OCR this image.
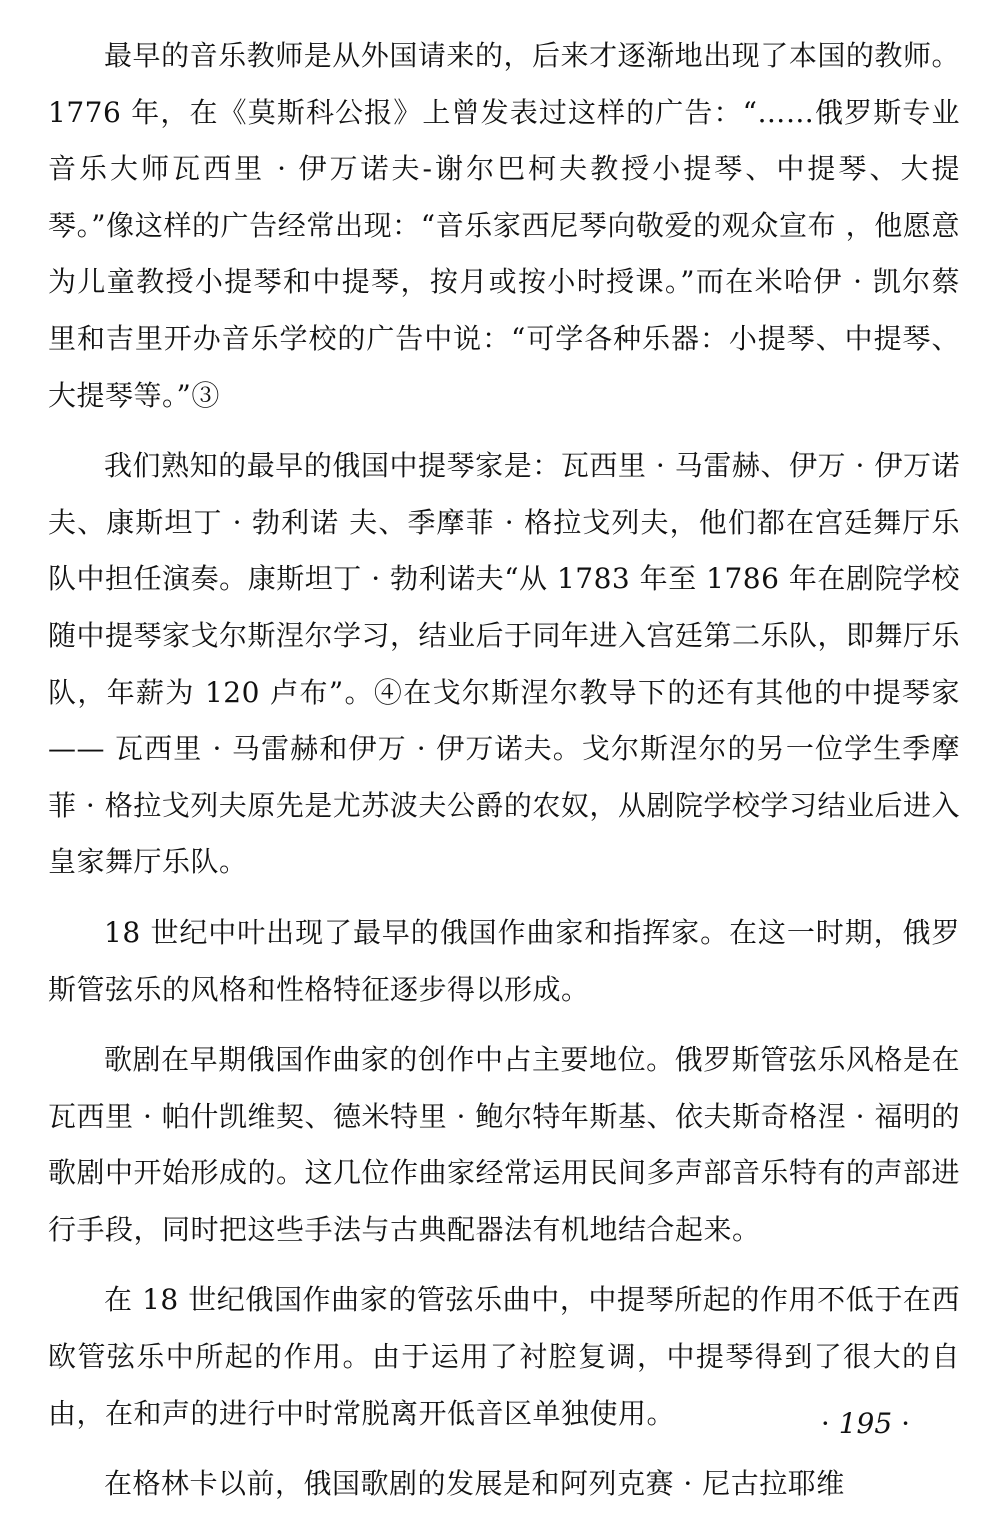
最早的音乐教师是从外国请来的，后来才逐渐地出现了本国的教师。1776 年，在《莫斯科公报》上曾发表过这样的广告：“……俄罗斯专业音乐大师瓦西里 · 伊万诺夫-谢尔巴柯夫教授小提琴、中提琴、大提琴。”像这样的广告经常出现：“音乐家西尼琴向敬爱的观众宣布 ，他愿意为儿童教授小提琴和中提琴，按月或按小时授课。”而在米哈伊 · 凯尔蔡里和吉里开办音乐学校的广告中说：“可学各种乐器：小提琴、中提琴、大提琴等。”③

我们熟知的最早的俄国中提琴家是：瓦西里 · 马雷赫、伊万 · 伊万诺 夫、康斯坦丁 · 勃利诺 夫、季摩菲 · 格拉戈列夫，他们都在宫廷舞厅乐队中担任演奏。康斯坦丁 · 勃利诺夫“从 1783 年至 1786 年在剧院学校随中提琴家戈尔斯涅尔学习，结业后于同年进入宫廷第二乐队，即舞厅乐队，年薪为 120 卢布”。④在戈尔斯涅尔教导下的还有其他的中提琴家—— 瓦西里 · 马雷赫和伊万 · 伊万诺夫。戈尔斯涅尔的另一位学生季摩菲 · 格拉戈列夫原先是尤苏波夫公爵的农奴，从剧院学校学习结业后进入皇家舞厅乐队。

18 世纪中叶出现了最早的俄国作曲家和指挥家。在这一时期，俄罗斯管弦乐的风格和性格特征逐步得以形成。

歌剧在早期俄国作曲家的创作中占主要地位。俄罗斯管弦乐风格是在瓦西里 · 帕什凯维契、德米特里 · 鲍尔特年斯基、依夫斯奇格涅 · 福明的歌剧中开始形成的。这几位作曲家经常运用民间多声部音乐特有的声部进行手段，同时把这些手法与古典配器法有机地结合起来。

在 18 世纪俄国作曲家的管弦乐曲中，中提琴所起的作用不低于在西欧管弦乐中所起的作用。由于运用了衬腔复调，中提琴得到了很大的自由，在和声的进行中时常脱离开低音区单独使用。

在格林卡以前，俄国歌剧的发展是和阿列克赛 · 尼古拉耶维

· 195 ·
